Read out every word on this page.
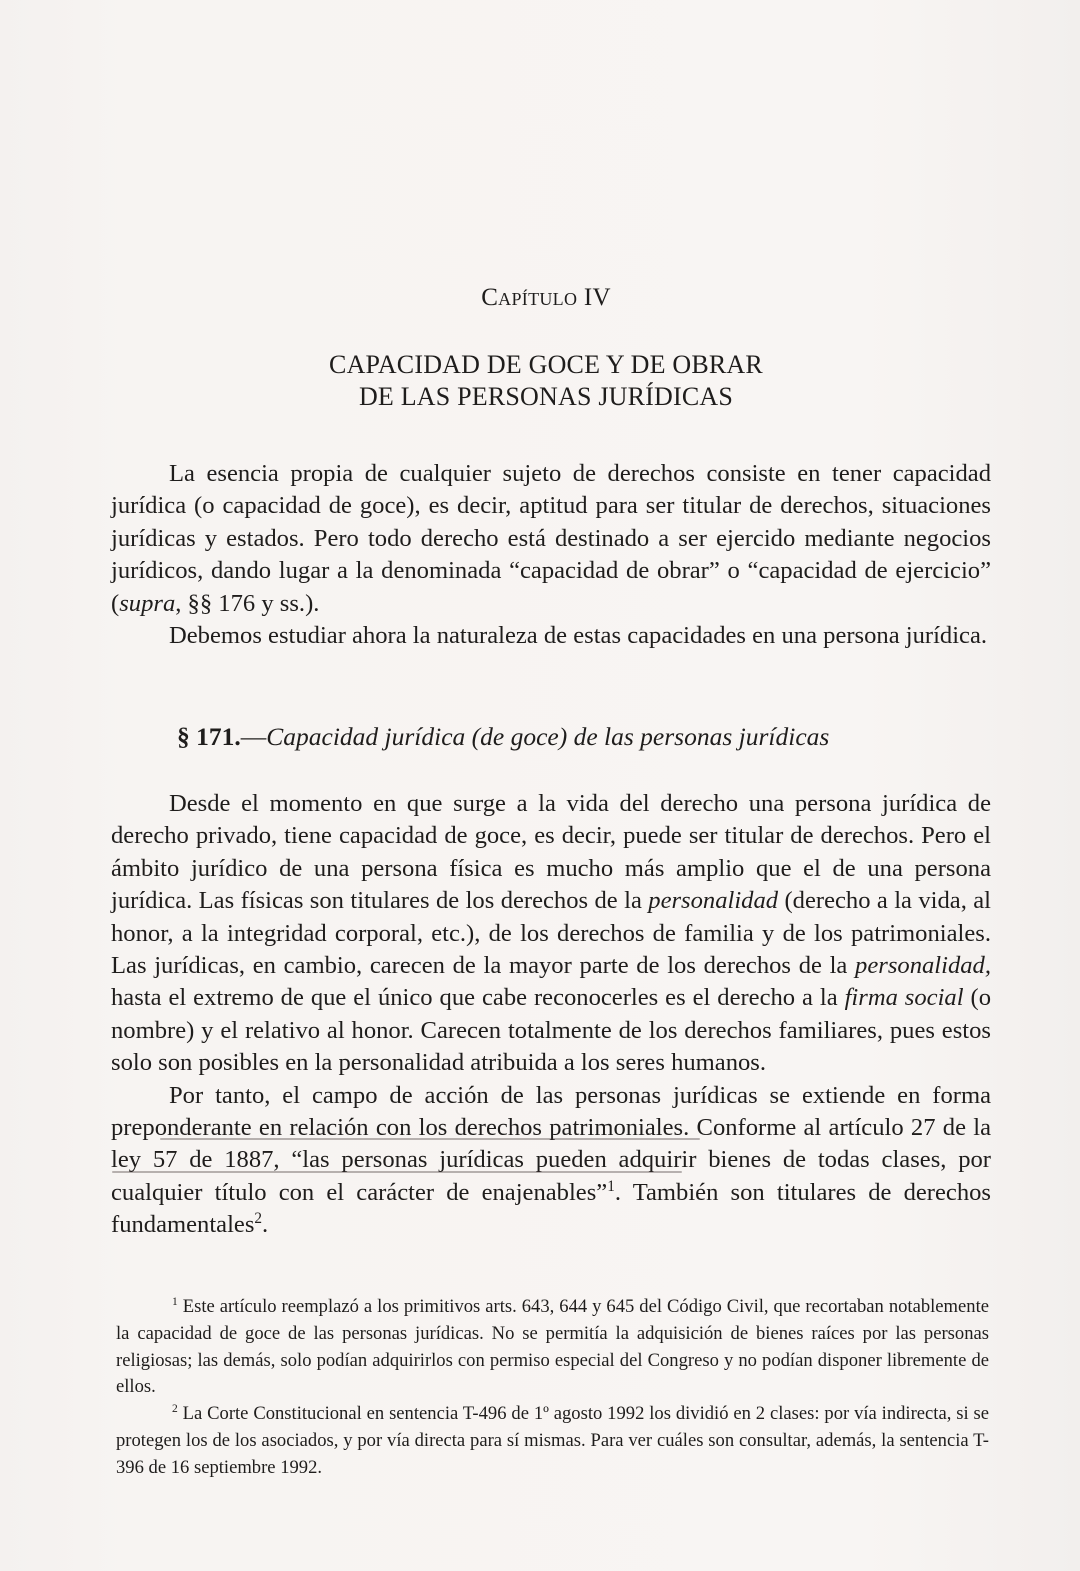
Capítulo IV
CAPACIDAD DE GOCE Y DE OBRAR
DE LAS PERSONAS JURÍDICAS

La esencia propia de cualquier sujeto de derechos consiste en tener capacidad jurídica (o capacidad de goce), es decir, aptitud para ser titular de derechos, situaciones jurídicas y estados. Pero todo derecho está destinado a ser ejercido mediante negocios jurídicos, dando lugar a la denominada “capacidad de obrar” o “capacidad de ejercicio” (supra, §§ 176 y ss.).

Debemos estudiar ahora la naturaleza de estas capacidades en una persona jurídica.

§ 171.—Capacidad jurídica (de goce) de las personas jurídicas

Desde el momento en que surge a la vida del derecho una persona jurídica de derecho privado, tiene capacidad de goce, es decir, puede ser titular de derechos. Pero el ámbito jurídico de una persona física es mucho más amplio que el de una persona jurídica. Las físicas son titulares de los derechos de la personalidad (derecho a la vida, al honor, a la integridad corporal, etc.), de los derechos de familia y de los patrimoniales. Las jurídicas, en cambio, carecen de la mayor parte de los derechos de la personalidad, hasta el extremo de que el único que cabe reconocerles es el derecho a la firma social (o nombre) y el relativo al honor. Carecen totalmente de los derechos familiares, pues estos solo son posibles en la personalidad atribuida a los seres humanos.

Por tanto, el campo de acción de las personas jurídicas se extiende en forma preponderante en relación con los derechos patrimoniales. Conforme al artículo 27 de la ley 57 de 1887, “las personas jurídicas pueden adquirir bienes de todas clases, por cualquier título con el carácter de enajenables”$^1$. También son titulares de derechos fundamentales$^2$.

$^1$ Este artículo reemplazó a los primitivos arts. 643, 644 y 645 del Código Civil, que recortaban notablemente la capacidad de goce de las personas jurídicas. No se permitía la adquisición de bienes raíces por las personas religiosas; las demás, solo podían adquirirlos con permiso especial del Congreso y no podían disponer libremente de ellos.

$^2$ La Corte Constitucional en sentencia T-496 de 1º agosto 1992 los dividió en 2 clases: por vía indirecta, si se protegen los de los asociados, y por vía directa para sí mismas. Para ver cuáles son consultar, además, la sentencia T-396 de 16 septiembre 1992.
